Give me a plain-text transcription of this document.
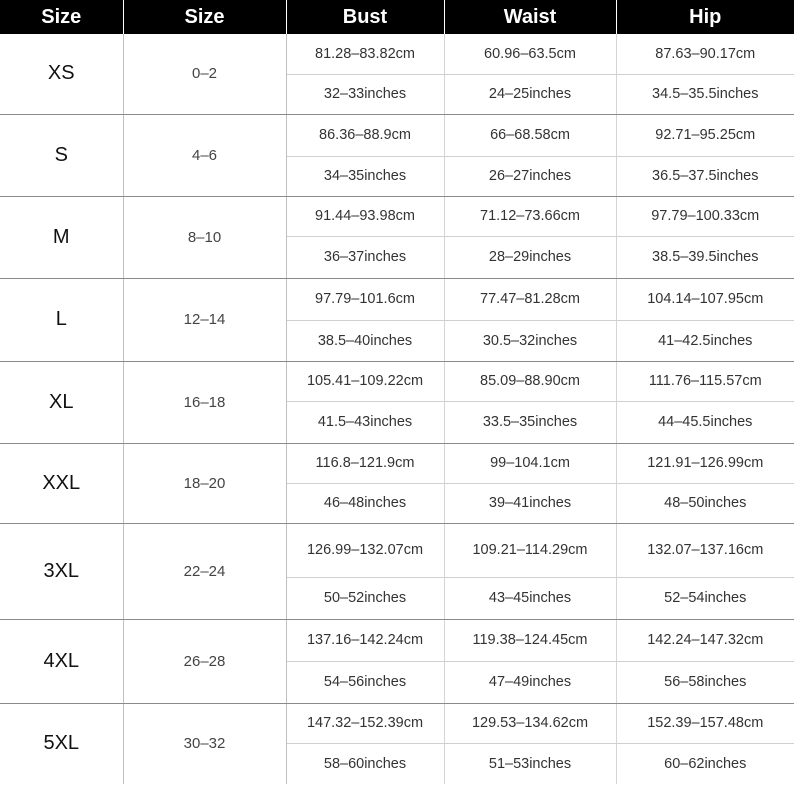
Size	Size	Bust	Waist	Hip
XS	0–2	81.28–83.82cm	60.96–63.5cm	87.63–90.17cm
		32–33inches	24–25inches	34.5–35.5inches
S	4–6	86.36–88.9cm	66–68.58cm	92.71–95.25cm
		34–35inches	26–27inches	36.5–37.5inches
M	8–10	91.44–93.98cm	71.12–73.66cm	97.79–100.33cm
		36–37inches	28–29inches	38.5–39.5inches
L	12–14	97.79–101.6cm	77.47–81.28cm	104.14–107.95cm
		38.5–40inches	30.5–32inches	41–42.5inches
XL	16–18	105.41–109.22cm	85.09–88.90cm	111.76–115.57cm
		41.5–43inches	33.5–35inches	44–45.5inches
XXL	18–20	116.8–121.9cm	99–104.1cm	121.91–126.99cm
		46–48inches	39–41inches	48–50inches
3XL	22–24	126.99–132.07cm	109.21–114.29cm	132.07–137.16cm
		50–52inches	43–45inches	52–54inches
4XL	26–28	137.16–142.24cm	119.38–124.45cm	142.24–147.32cm
		54–56inches	47–49inches	56–58inches
5XL	30–32	147.32–152.39cm	129.53–134.62cm	152.39–157.48cm
		58–60inches	51–53inches	60–62inches
